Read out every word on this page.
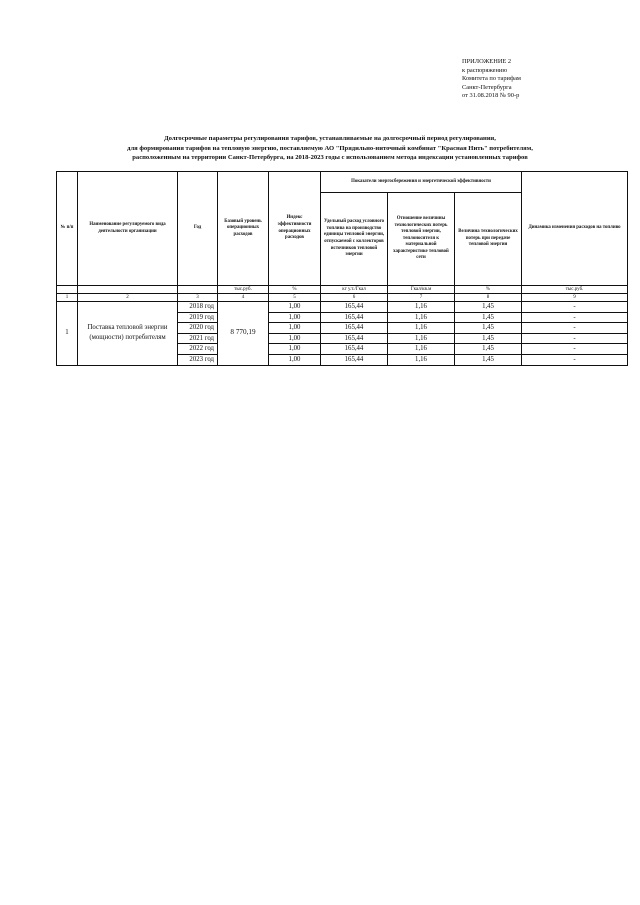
ПРИЛОЖЕНИЕ 2
к распоряжению
Комитета по тарифам
Санкт-Петербурга
от 31.08.2018 № 90-р
Долгосрочные параметры регулирования тарифов, устанавливаемые на долгосрочный период регулирования,
для формирования тарифов на тепловую энергию, поставляемую АО "Прядильно-ниточный комбинат "Красная Нить" потребителям,
расположенным на территории Санкт-Петербурга, на 2018-2023 годы с использованием метода индексации установленных тарифов
№ п/п	Наименование регулируемого вида деятельности организации	Год	Базовый уровень операционных расходов	Индекс эффективности операционных расходов	Показатели энергосбережения и энергетической эффективности			Динамика изменения расходов на топливо
					Удельный расход условного топлива на производство единицы тепловой энергии, отпускаемой с коллекторов источников тепловой энергии	Отношение величины технологических потерь тепловой энергии, теплоносителя к материальной характеристике тепловой сети	Величина технологических потерь при передаче тепловой энергии	
			тыс.руб.	%	кг у.т./Гкал	Гкал/кв.м	%	тыс.руб.
1	2	3	4	5	6	7	8	9
1	Поставка тепловой энергии (мощности) потребителям	2018 год	8 770,19	1,00	165,44	1,16	1,45	-
		2019 год		1,00	165,44	1,16	1,45	-
		2020 год		1,00	165,44	1,16	1,45	-
		2021 год		1,00	165,44	1,16	1,45	-
		2022 год		1,00	165,44	1,16	1,45	-
		2023 год		1,00	165,44	1,16	1,45	-
